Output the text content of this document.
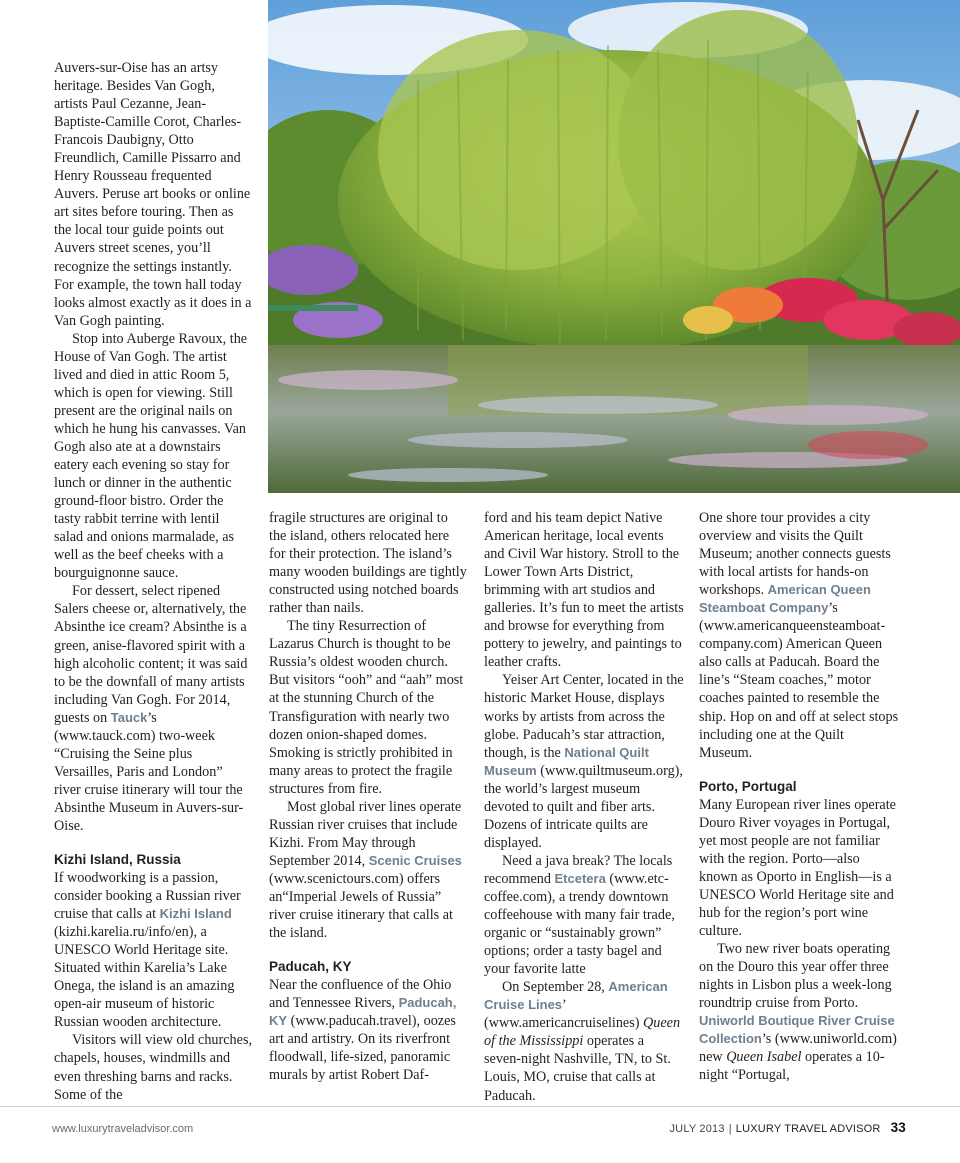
Auvers-sur-Oise has an artsy heritage. Besides Van Gogh, artists Paul Cezanne, Jean-Baptiste-Camille Corot, Charles-Francois Daubigny, Otto Freundlich, Camille Pissarro and Henry Rousseau frequented Auvers. Peruse art books or online art sites before touring. Then as the local tour guide points out Auvers street scenes, you’ll recognize the settings instantly. For example, the town hall today looks almost exactly as it does in a Van Gogh painting.

Stop into Auberge Ravoux, the House of Van Gogh. The artist lived and died in attic Room 5, which is open for viewing. Still present are the original nails on which he hung his canvasses. Van Gogh also ate at a downstairs eatery each evening so stay for lunch or dinner in the authentic ground-floor bistro. Order the tasty rabbit terrine with lentil salad and onions marmalade, as well as the beef cheeks with a bourguignonne sauce.

For dessert, select ripened Salers cheese or, alternatively, the Absinthe ice cream? Absinthe is a green, anise-flavored spirit with a high alcoholic content; it was said to be the downfall of many artists including Van Gogh. For 2014, guests on Tauck’s (www.tauck.com) two-week “Cruising the Seine plus Versailles, Paris and London” river cruise itinerary will tour the Absinthe Museum in Auvers-sur-Oise.

Kizhi Island, Russia

If woodworking is a passion, consider booking a Russian river cruise that calls at Kizhi Island (kizhi.karelia.ru/info/en), a UNESCO World Heritage site. Situated within Karelia’s Lake Onega, the island is an amazing open-air museum of historic Russian wooden architecture.

Visitors will view old churches, chapels, houses, windmills and even threshing barns and racks. Some of the

fragile structures are original to the island, others relocated here for their protection. The island’s many wooden buildings are tightly constructed using notched boards rather than nails.

The tiny Resurrection of Lazarus Church is thought to be Russia’s oldest wooden church. But visitors “ooh” and “aah” most at the stunning Church of the Transfiguration with nearly two dozen onion-shaped domes. Smoking is strictly prohibited in many areas to protect the fragile structures from fire.

Most global river lines operate Russian river cruises that include Kizhi. From May through September 2014, Scenic Cruises (www.scenictours.com) offers an“Imperial Jewels of Russia” river cruise itinerary that calls at the island.

Paducah, KY

Near the confluence of the Ohio and Tennessee Rivers, Paducah, KY (www.paducah.travel), oozes art and artistry. On its riverfront floodwall, life-sized, panoramic murals by artist Robert Daf-

ford and his team depict Native American heritage, local events and Civil War history. Stroll to the Lower Town Arts District, brimming with art studios and galleries. It’s fun to meet the artists and browse for everything from pottery to jewelry, and paintings to leather crafts.

Yeiser Art Center, located in the historic Market House, displays works by artists from across the globe. Paducah’s star attraction, though, is the National Quilt Museum (www.quiltmuseum.org), the world’s largest museum devoted to quilt and fiber arts. Dozens of intricate quilts are displayed.

Need a java break? The locals recommend Etcetera (www.etc-coffee.com), a trendy downtown coffeehouse with many fair trade, organic or “sustainably grown” options; order a tasty bagel and your favorite latte

On September 28, American Cruise Lines’ (www.americancruiselines) Queen of the Mississippi operates a seven-night Nashville, TN, to St. Louis, MO, cruise that calls at Paducah.

One shore tour provides a city overview and visits the Quilt Museum; another connects guests with local artists for hands-on workshops. American Queen Steamboat Company’s (www.americanqueensteamboat-company.com) American Queen also calls at Paducah. Board the line’s “Steam coaches,” motor coaches painted to resemble the ship. Hop on and off at select stops including one at the Quilt Museum.

Porto, Portugal

Many European river lines operate Douro River voyages in Portugal, yet most people are not familiar with the region. Porto—also known as Oporto in English—is a UNESCO World Heritage site and hub for the region’s port wine culture.

Two new river boats operating on the Douro this year offer three nights in Lisbon plus a week-long roundtrip cruise from Porto. Uniworld Boutique River Cruise Collection’s (www.uniworld.com) new Queen Isabel operates a 10-night “Portugal,

www.luxurytraveladvisor.com	JULY 2013 | LUXURY TRAVEL ADVISOR 33
